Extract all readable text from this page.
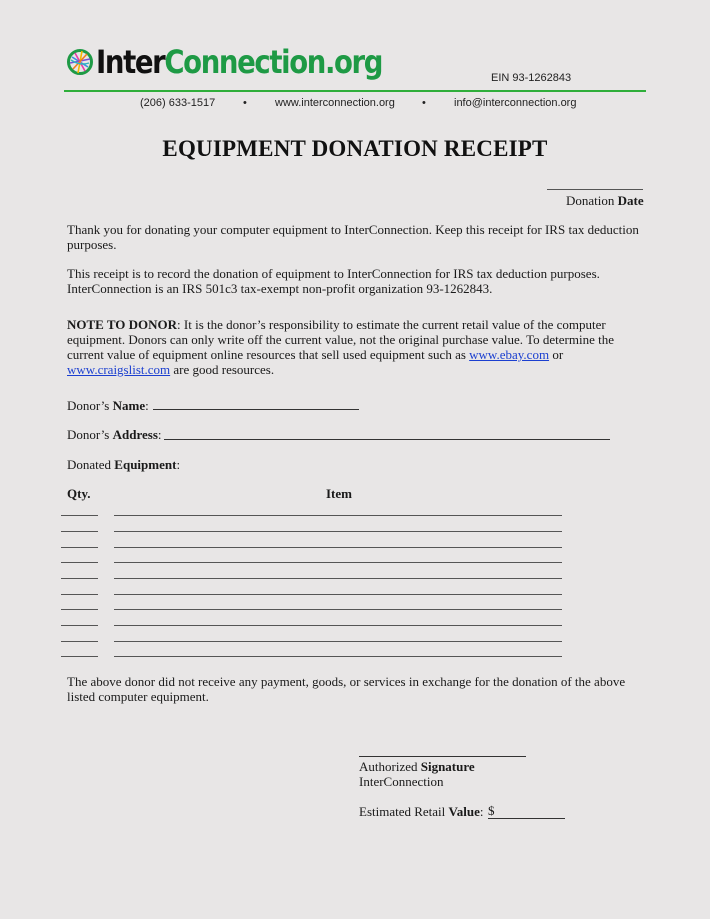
InterConnection.org	EIN 93-1262843
(206) 633-1517	•	www.interconnection.org •	info@interconnection.org
EQUIPMENT DONATION RECEIPT
Donation Date
Thank you for donating your computer equipment to InterConnection. Keep this receipt for IRS tax deduction purposes.
This receipt is to record the donation of equipment to InterConnection for IRS tax deduction purposes.
InterConnection is an IRS 501c3 tax-exempt non-profit organization 93-1262843.
NOTE TO DONOR: It is the donor’s responsibility to estimate the current retail value of the computer equipment. Donors can only write off the current value, not the original purchase value. To determine the current value of equipment online resources that sell used equipment such as www.ebay.com or www.craigslist.com are good resources.
Donor’s Name:
Donor’s Address:
Donated Equipment:
Qty.	Item
The above donor did not receive any payment, goods, or services in exchange for the donation of the above listed computer equipment.
Authorized Signature
InterConnection
Estimated Retail Value: $
